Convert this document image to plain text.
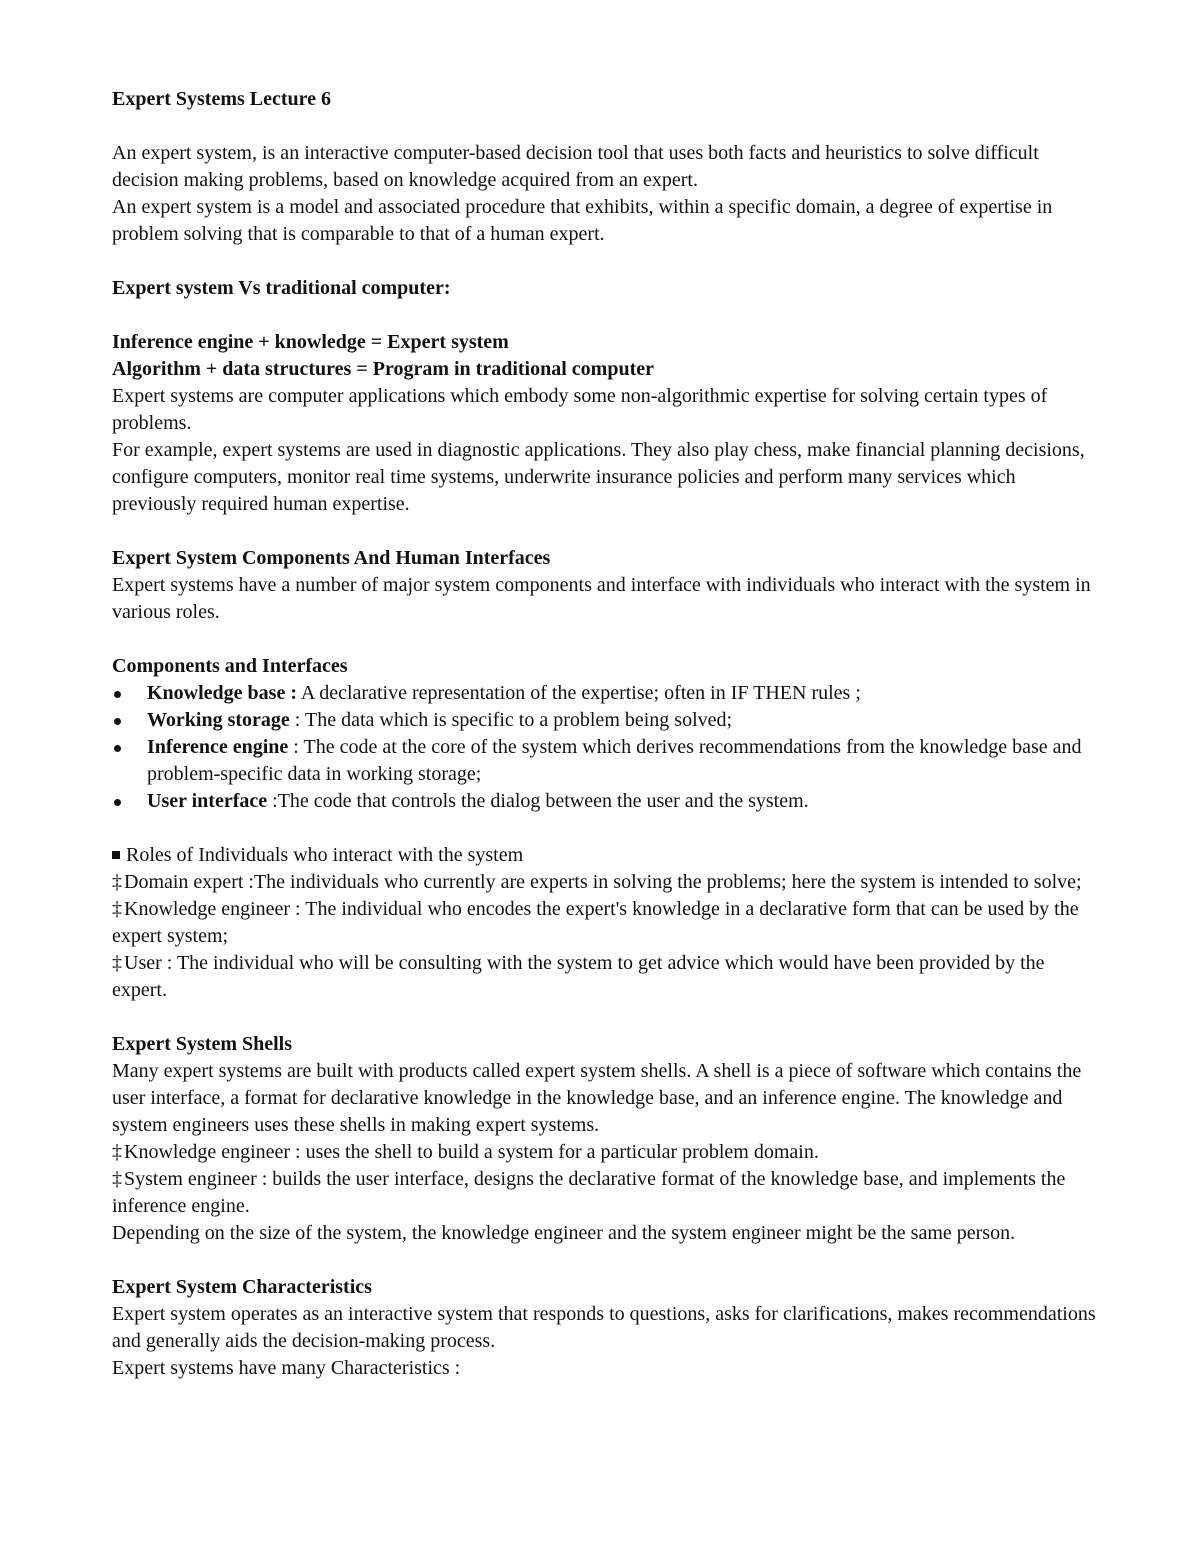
Expert Systems Lecture 6

An expert system, is an interactive computer-based decision tool that uses both facts and heuristics to solve difficult decision making problems, based on knowledge acquired from an expert.

An expert system is a model and associated procedure that exhibits, within a specific domain, a degree of expertise in problem solving that is comparable to that of a human expert.

Expert system Vs traditional computer:

Inference engine + knowledge = Expert system

Algorithm + data structures = Program in traditional computer

Expert systems are computer applications which embody some non-algorithmic expertise for solving certain types of problems.

For example, expert systems are used in diagnostic applications. They also play chess, make financial planning decisions, configure computers, monitor real time systems, underwrite insurance policies and perform many services which previously required human expertise.

Expert System Components And Human Interfaces

Expert systems have a number of major system components and interface with individuals who interact with the system in various roles.

Components and Interfaces

Knowledge base : A declarative representation of the expertise; often in IF THEN rules ;
Working storage : The data which is specific to a problem being solved;
Inference engine : The code at the core of the system which derives recommendations from the knowledge base and problem-specific data in working storage;
User interface :The code that controls the dialog between the user and the system.

Roles of Individuals who interact with the system

‡ Domain expert :The individuals who currently are experts in solving the problems; here the system is intended to solve;

‡ Knowledge engineer : The individual who encodes the expert's knowledge in a declarative form that can be used by the expert system;

‡ User : The individual who will be consulting with the system to get advice which would have been provided by the expert.

Expert System Shells

Many expert systems are built with products called expert system shells. A shell is a piece of software which contains the user interface, a format for declarative knowledge in the knowledge base, and an inference engine. The knowledge and system engineers uses these shells in making expert systems.

‡ Knowledge engineer : uses the shell to build a system for a particular problem domain.

‡ System engineer : builds the user interface, designs the declarative format of the knowledge base, and implements the inference engine.

Depending on the size of the system, the knowledge engineer and the system engineer might be the same person.

Expert System Characteristics

Expert system operates as an interactive system that responds to questions, asks for clarifications, makes recommendations and generally aids the decision-making process.

Expert systems have many Characteristics :
